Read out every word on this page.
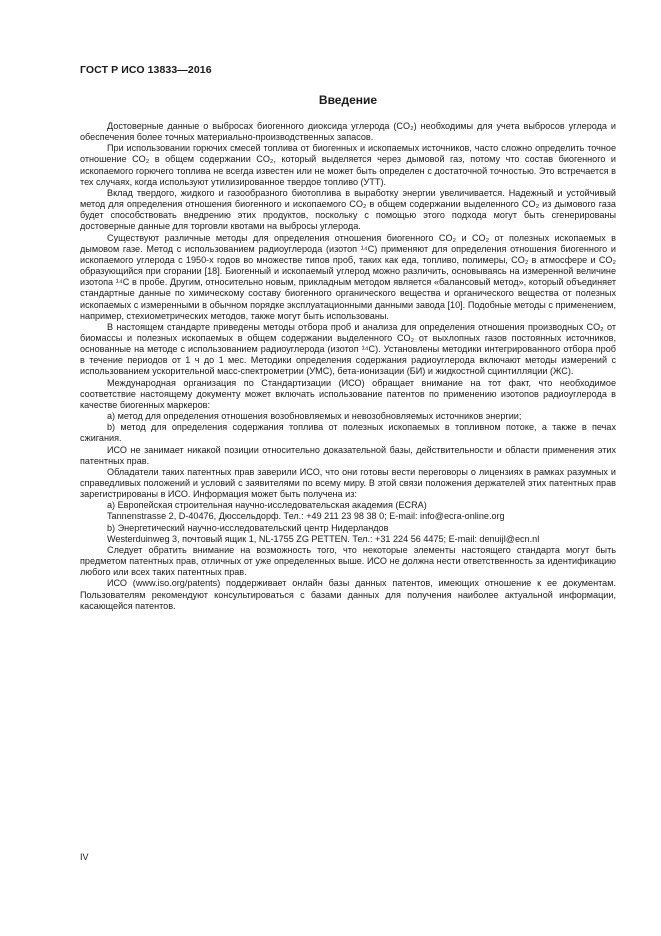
ГОСТ Р ИСО 13833—2016
Введение

Достоверные данные о выбросах биогенного диоксида углерода (CO₂) необходимы для учета выбросов углерода и обеспечения более точных материально-производственных запасов.

При использовании горючих смесей топлива от биогенных и ископаемых источников, часто сложно определить точное отношение CO₂ в общем содержании CO₂, который выделяется через дымовой газ, потому что состав биогенного и ископаемого горючего топлива не всегда известен или не может быть определен с достаточной точностью. Это встречается в тех случаях, когда используют утилизированное твердое топливо (УТТ).

Вклад твердого, жидкого и газообразного биотоплива в выработку энергии увеличивается. Надежный и устойчивый метод для определения отношения биогенного и ископаемого CO₂ в общем содержании выделенного CO₂ из дымового газа будет способствовать внедрению этих продуктов, поскольку с помощью этого подхода могут быть сгенерированы достоверные данные для торговли квотами на выбросы углерода.

Существуют различные методы для определения отношения биогенного CO₂ и CO₂ от полезных ископаемых в дымовом газе. Метод с использованием радиоуглерода (изотоп ¹⁴C) применяют для определения отношения биогенного и ископаемого углерода с 1950-х годов во множестве типов проб, таких как еда, топливо, полимеры, CO₂ в атмосфере и CO₂ образующийся при сгорании [18]. Биогенный и ископаемый углерод можно различить, основываясь на измеренной величине изотопа ¹⁴C в пробе. Другим, относительно новым, прикладным методом является «балансовый метод», который объединяет стандартные данные по химическому составу биогенного органического вещества и органического вещества от полезных ископаемых с измеренными в обычном порядке эксплуатационными данными завода [10]. Подобные методы с применением, например, стехиометрических методов, также могут быть использованы.

В настоящем стандарте приведены методы отбора проб и анализа для определения отношения производных CO₂ от биомассы и полезных ископаемых в общем содержании выделенного CO₂ от выхлопных газов постоянных источников, основанные на методе с использованием радиоуглерода (изотоп ¹⁴C). Установлены методики интегрированного отбора проб в течение периодов от 1 ч до 1 мес. Методики определения содержания радиоуглерода включают методы измерений с использованием ускорительной масс-спектрометрии (УМС), бета-ионизации (БИ) и жидкостной сцинтилляции (ЖС).

Международная организация по Стандартизации (ИСО) обращает внимание на тот факт, что необходимое соответствие настоящему документу может включать использование патентов по применению изотопов радиоуглерода в качестве биогенных маркеров:

a) метод для определения отношения возобновляемых и невозобновляемых источников энергии;

b) метод для определения содержания топлива от полезных ископаемых в топливном потоке, а также в печах сжигания.

ИСО не занимает никакой позиции относительно доказательной базы, действительности и области применения этих патентных прав.

Обладатели таких патентных прав заверили ИСО, что они готовы вести переговоры о лицензиях в рамках разумных и справедливых положений и условий с заявителями по всему миру. В этой связи положения держателей этих патентных прав зарегистрированы в ИСО. Информация может быть получена из:

a) Европейская строительная научно-исследовательская академия (ECRA)

Tannenstrasse 2, D-40476, Дюссельдорф. Тел.: +49 211 23 98 38 0; E-mail: info@ecra-online.org

b) Энергетический научно-исследовательский центр Нидерландов

Westerduinweg 3, почтовый ящик 1, NL-1755 ZG PETTEN. Тел.: +31 224 56 4475; E-mail: denuijl@ecn.nl

Следует обратить внимание на возможность того, что некоторые элементы настоящего стандарта могут быть предметом патентных прав, отличных от уже определенных выше. ИСО не должна нести ответственность за идентификацию любого или всех таких патентных прав.

ИСО (www.iso.org/patents) поддерживает онлайн базы данных патентов, имеющих отношение к ее документам. Пользователям рекомендуют консультироваться с базами данных для получения наиболее актуальной информации, касающейся патентов.

IV
